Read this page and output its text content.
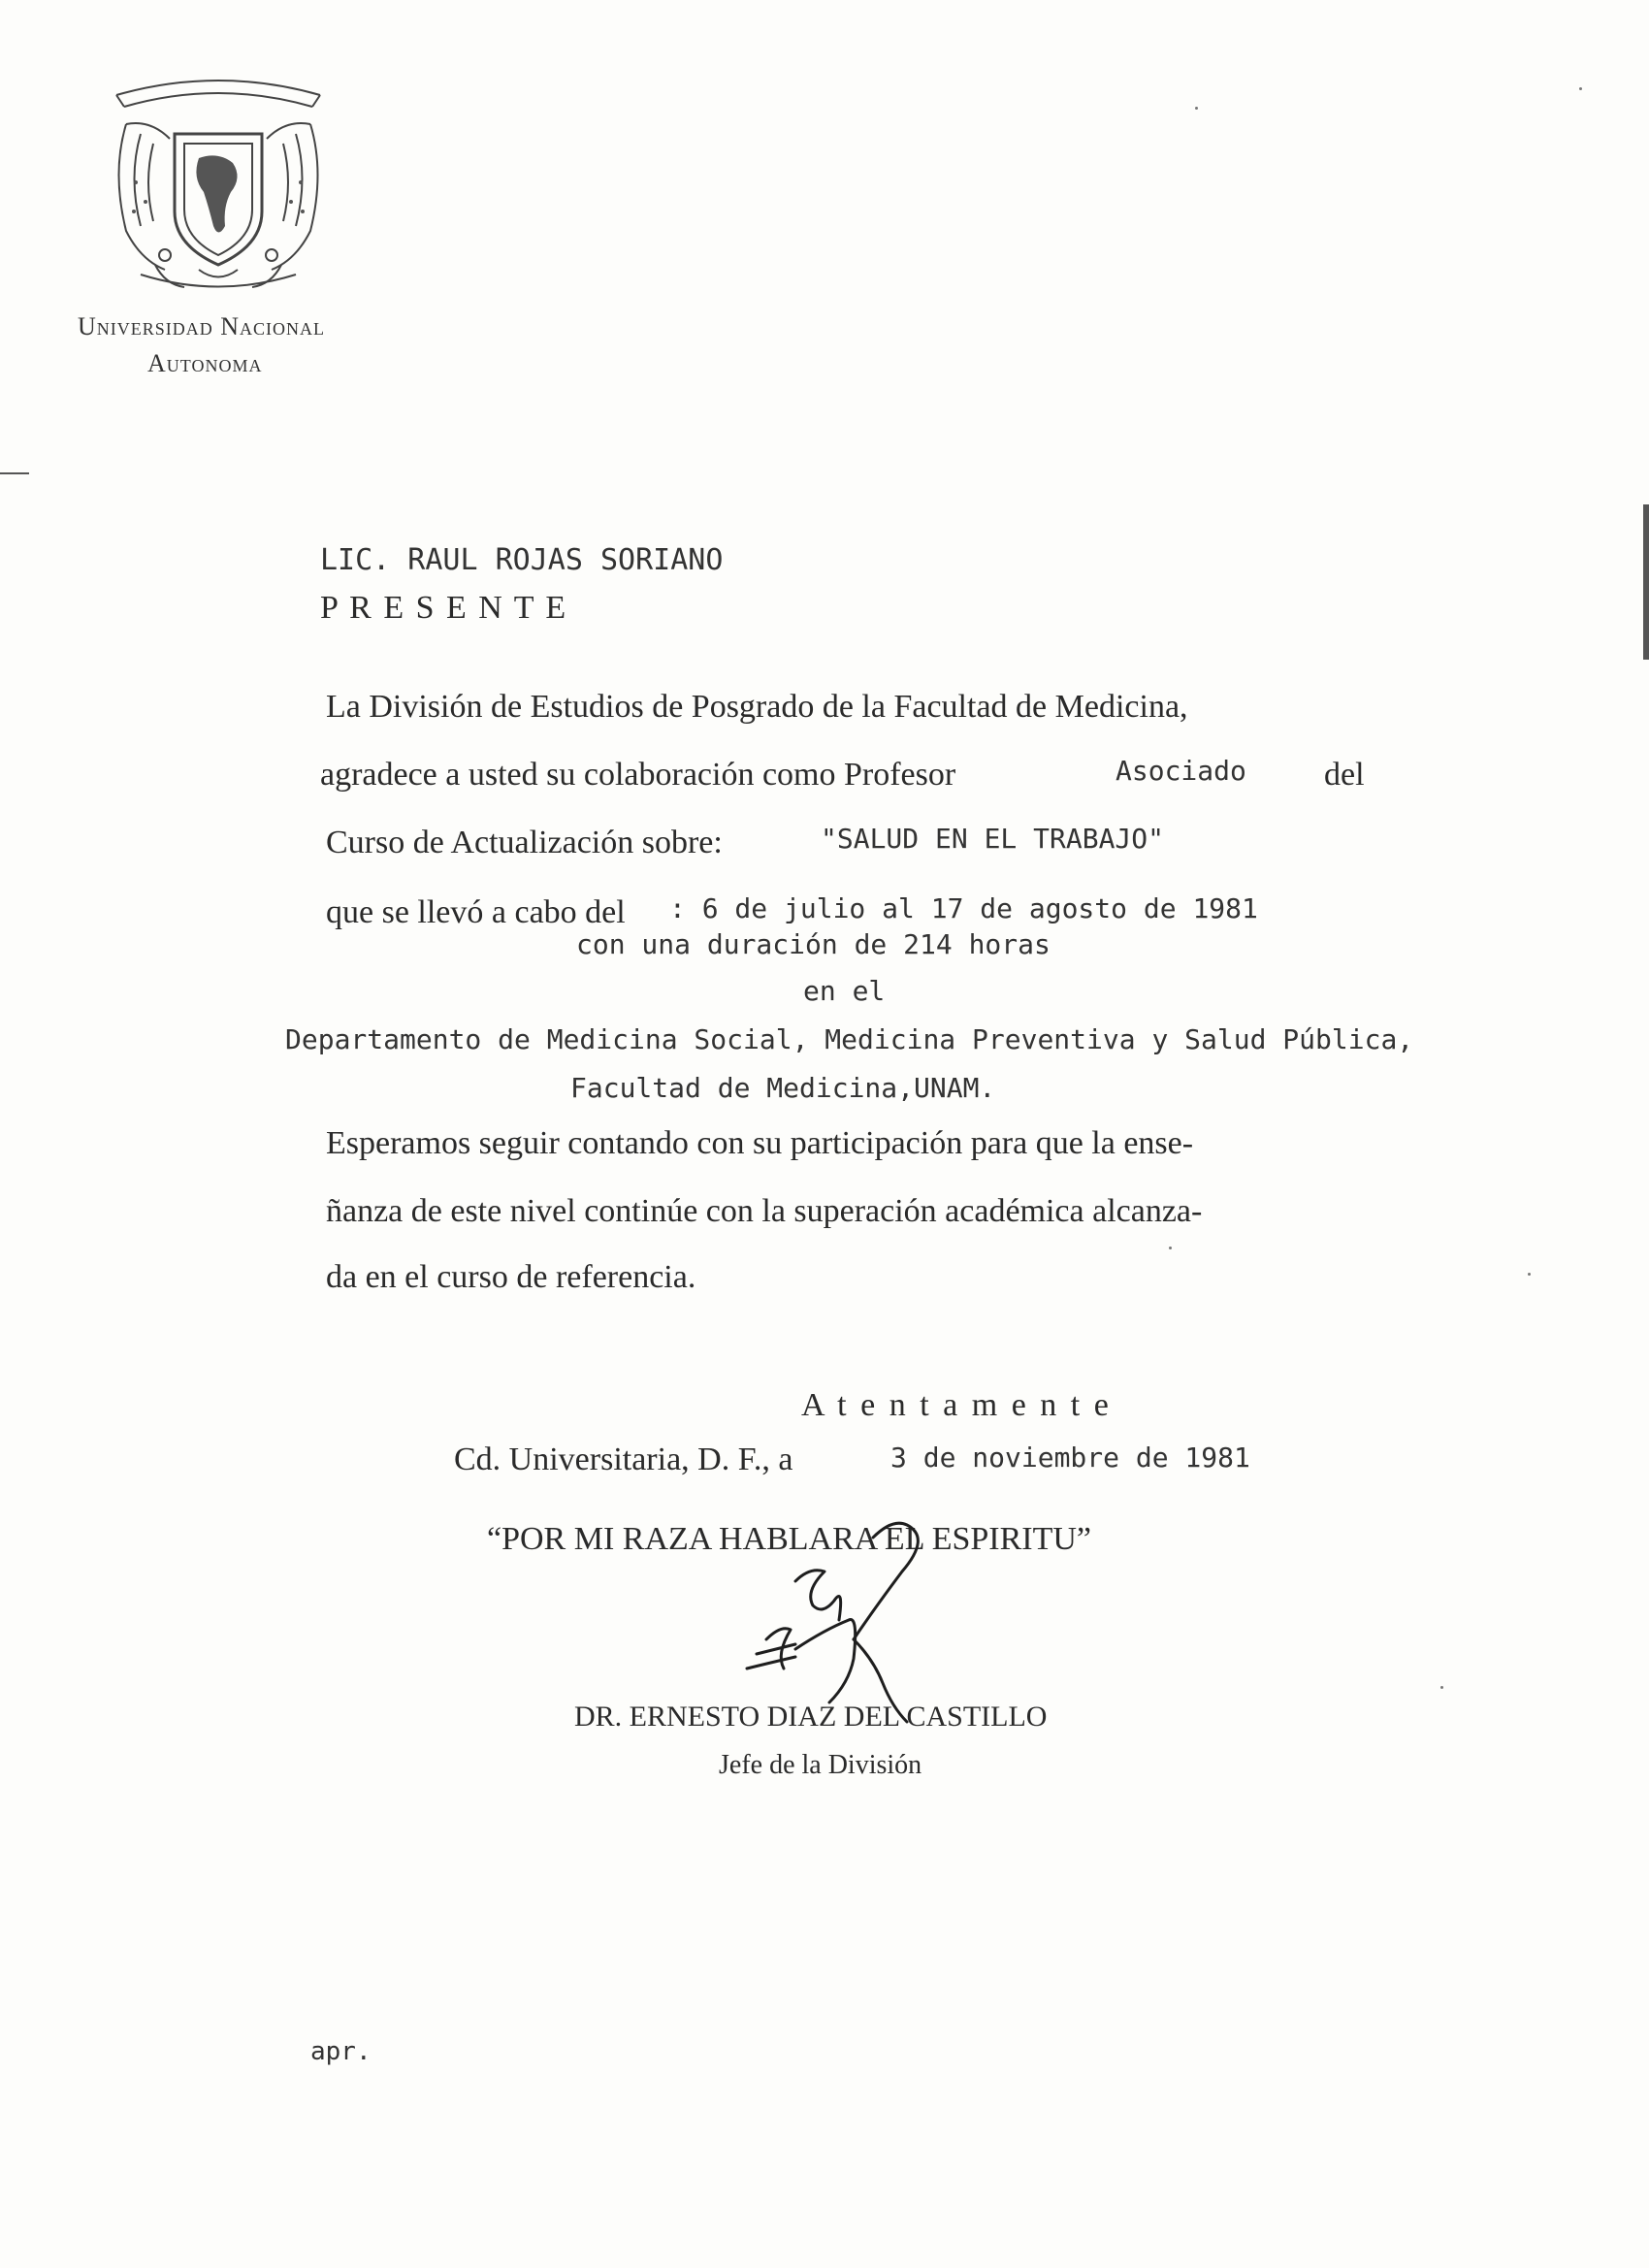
Universidad Nacional
Autonoma
LIC. RAUL ROJAS SORIANO
P R E S E N T E
La División de Estudios de Posgrado de la Facultad de Medicina,
agradece a usted su colaboración como Profesor	Asociado del
Curso de Actualización sobre:	"SALUD EN EL TRABAJO"
que se llevó a cabo del : 6 de julio al 17 de agosto de 1981
con una duración de 214 horas
en el
Departamento de Medicina Social, Medicina Preventiva y Salud Pública,
Facultad de Medicina,UNAM.
Esperamos seguir contando con su participación para que la ense-
ñanza de este nivel continúe con la superación académica alcanza-
da en el curso de referencia.
A t e n t a m e n t e
Cd. Universitaria, D. F., a	3 de noviembre de 1981
“POR MI RAZA HABLARA EL ESPIRITU”
DR. ERNESTO DIAZ DEL CASTILLO
Jefe de la División
apr.
